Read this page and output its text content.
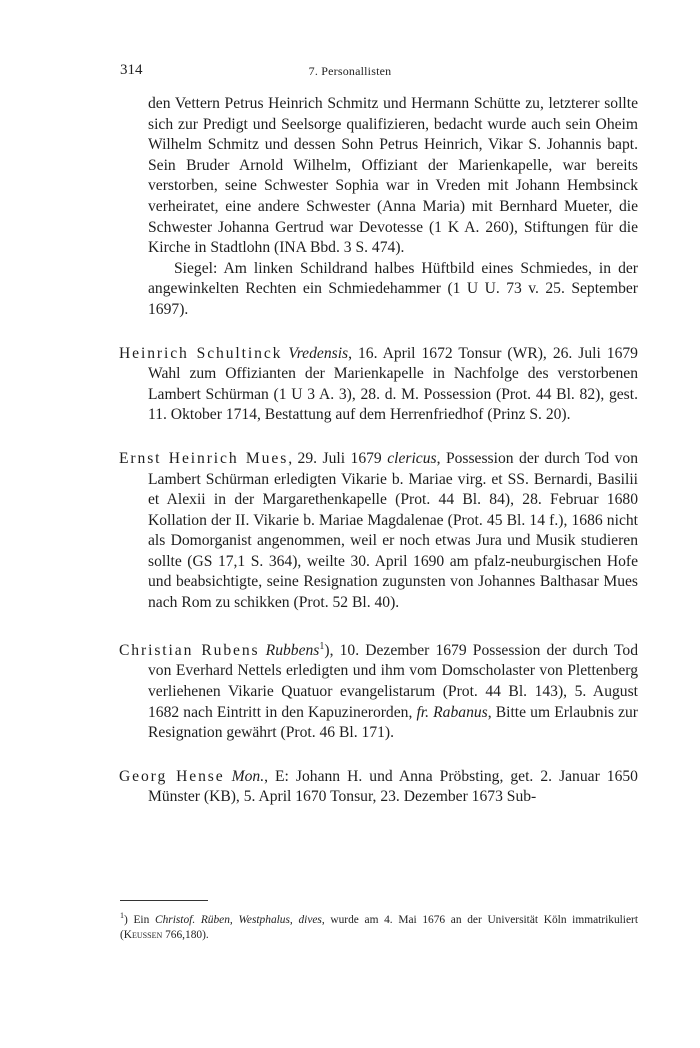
314	7. Personallisten

den Vettern Petrus Heinrich Schmitz und Hermann Schütte zu, letzterer sollte sich zur Predigt und Seelsorge qualifizieren, bedacht wurde auch sein Oheim Wilhelm Schmitz und dessen Sohn Petrus Heinrich, Vikar S. Johannis bapt. Sein Bruder Arnold Wilhelm, Offiziant der Marienkapelle, war bereits verstorben, seine Schwester Sophia war in Vreden mit Johann Hembsinck verheiratet, eine andere Schwester (Anna Maria) mit Bernhard Mueter, die Schwester Johanna Gertrud war Devotesse (1 K A. 260), Stiftungen für die Kirche in Stadtlohn (INA Bbd. 3 S. 474).

Siegel: Am linken Schildrand halbes Hüftbild eines Schmiedes, in der angewinkelten Rechten ein Schmiedehammer (1 U U. 73 v. 25. September 1697).

Heinrich Schultinck Vredensis, 16. April 1672 Tonsur (WR), 26. Juli 1679 Wahl zum Offizianten der Marienkapelle in Nachfolge des verstorbenen Lambert Schürman (1 U 3 A. 3), 28. d. M. Possession (Prot. 44 Bl. 82), gest. 11. Oktober 1714, Bestattung auf dem Herrenfriedhof (Prinz S. 20).

Ernst Heinrich Mues, 29. Juli 1679 clericus, Possession der durch Tod von Lambert Schürman erledigten Vikarie b. Mariae virg. et SS. Bernardi, Basilii et Alexii in der Margarethenkapelle (Prot. 44 Bl. 84), 28. Februar 1680 Kollation der II. Vikarie b. Mariae Magdalenae (Prot. 45 Bl. 14 f.), 1686 nicht als Domorganist angenommen, weil er noch etwas Jura und Musik studieren sollte (GS 17,1 S. 364), weilte 30. April 1690 am pfalz-neuburgischen Hofe und beabsichtigte, seine Resignation zugunsten von Johannes Balthasar Mues nach Rom zu schikken (Prot. 52 Bl. 40).

Christian Rubens Rubbens$^1$), 10. Dezember 1679 Possession der durch Tod von Everhard Nettels erledigten und ihm vom Domscholaster von Plettenberg verliehenen Vikarie Quatuor evangelistarum (Prot. 44 Bl. 143), 5. August 1682 nach Eintritt in den Kapuzinerorden, fr. Rabanus, Bitte um Erlaubnis zur Resignation gewährt (Prot. 46 Bl. 171).

Georg Hense Mon., E: Johann H. und Anna Pröbsting, get. 2. Januar 1650 Münster (KB), 5. April 1670 Tonsur, 23. Dezember 1673 Sub-

$^1$) Ein Christof. Rüben, Westphalus, dives, wurde am 4. Mai 1676 an der Universität Köln immatrikuliert (Keussen 766,180).
